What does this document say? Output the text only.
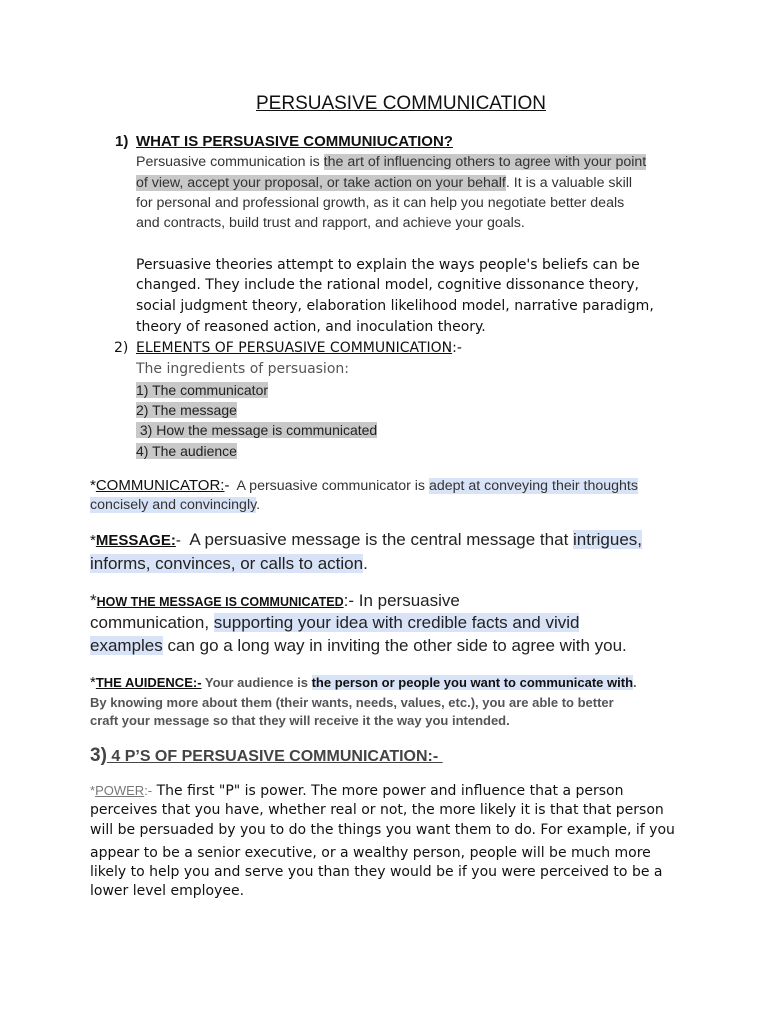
PERSUASIVE COMMUNICATION
1) WHAT IS PERSUASIVE COMMUNIUCATION?
Persuasive communication is the art of influencing others to agree with your point
of view, accept your proposal, or take action on your behalf. It is a valuable skill
for personal and professional growth, as it can help you negotiate better deals
and contracts, build trust and rapport, and achieve your goals.
Persuasive theories attempt to explain the ways people's beliefs can be
changed. They include the rational model, cognitive dissonance theory,
social judgment theory, elaboration likelihood model, narrative paradigm,
theory of reasoned action, and inoculation theory.
2) ELEMENTS OF PERSUASIVE COMMUNICATION:-
The ingredients of persuasion:
1) The communicator
2) The message
3) How the message is communicated
4) The audience
*COMMUNICATOR:-  A persuasive communicator is adept at conveying their thoughts
concisely and convincingly.
*MESSAGE:-  A persuasive message is the central message that intrigues,
informs, convinces, or calls to action.
*HOW THE MESSAGE IS COMMUNICATED:- In persuasive
communication, supporting your idea with credible facts and vivid
examples can go a long way in inviting the other side to agree with you.
*THE AUIDENCE:- Your audience is the person or people you want to communicate with.
By knowing more about them (their wants, needs, values, etc.), you are able to better
craft your message so that they will receive it the way you intended.
3) 4 P’S OF PERSUASIVE COMMUNICATION:-
*POWER:- The first "P" is power. The more power and influence that a person
perceives that you have, whether real or not, the more likely it is that that person
will be persuaded by you to do the things you want them to do. For example, if you
appear to be a senior executive, or a wealthy person, people will be much more
likely to help you and serve you than they would be if you were perceived to be a
lower level employee.
